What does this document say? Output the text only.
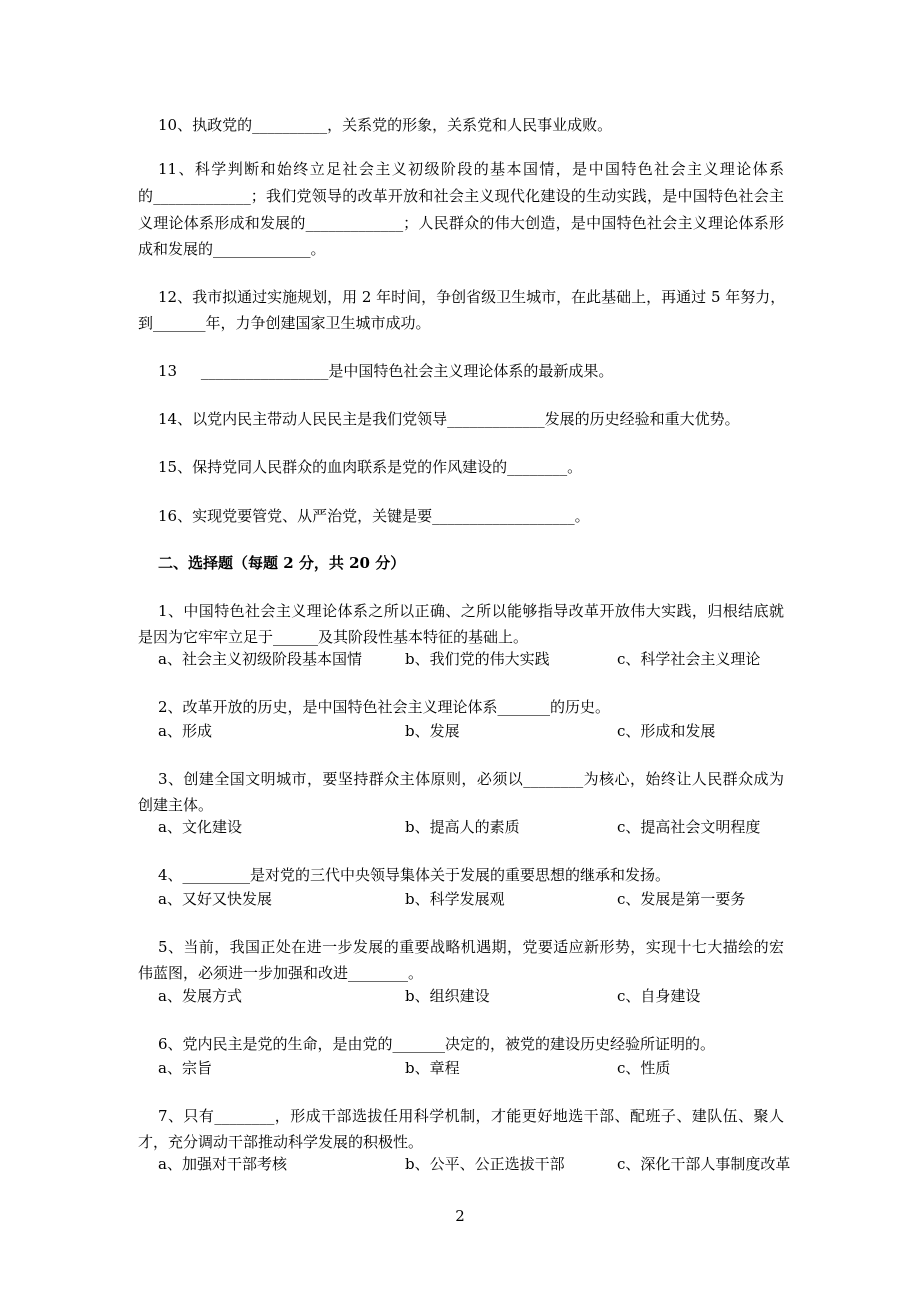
10、执政党的__________，关系党的形象，关系党和人民事业成败。
11、科学判断和始终立足社会主义初级阶段的基本国情，是中国特色社会主义理论体系
的_____________；我们党领导的改革开放和社会主义现代化建设的生动实践，是中国特色社会主
义理论体系形成和发展的_____________；人民群众的伟大创造，是中国特色社会主义理论体系形
成和发展的_____________。
12、我市拟通过实施规划，用 2 年时间，争创省级卫生城市，在此基础上，再通过 5 年努力，
到_______年，力争创建国家卫生城市成功。
13     _________________是中国特色社会主义理论体系的最新成果。
14、以党内民主带动人民民主是我们党领导_____________发展的历史经验和重大优势。
15、保持党同人民群众的血肉联系是党的作风建设的________。
16、实现党要管党、从严治党，关键是要___________________。
二、选择题（每题 2 分，共 20 分）
1、中国特色社会主义理论体系之所以正确、之所以能够指导改革开放伟大实践，归根结底就
是因为它牢牢立足于______及其阶段性基本特征的基础上。
a、社会主义初级阶段基本国情	b、我们党的伟大实践	c、科学社会主义理论
2、改革开放的历史，是中国特色社会主义理论体系_______的历史。
a、形成	b、发展	c、形成和发展
3、创建全国文明城市，要坚持群众主体原则，必须以________为核心，始终让人民群众成为
创建主体。
a、文化建设	b、提高人的素质	c、提高社会文明程度
4、_________是对党的三代中央领导集体关于发展的重要思想的继承和发扬。
a、又好又快发展	b、科学发展观	c、发展是第一要务
5、当前，我国正处在进一步发展的重要战略机遇期，党要适应新形势，实现十七大描绘的宏
伟蓝图，必须进一步加强和改进________。
a、发展方式	b、组织建设	c、自身建设
6、党内民主是党的生命，是由党的_______决定的，被党的建设历史经验所证明的。
a、宗旨	b、章程	c、性质
7、只有________，形成干部选拔任用科学机制，才能更好地选干部、配班子、建队伍、聚人
才，充分调动干部推动科学发展的积极性。
a、加强对干部考核	b、公平、公正选拔干部	c、深化干部人事制度改革
2
